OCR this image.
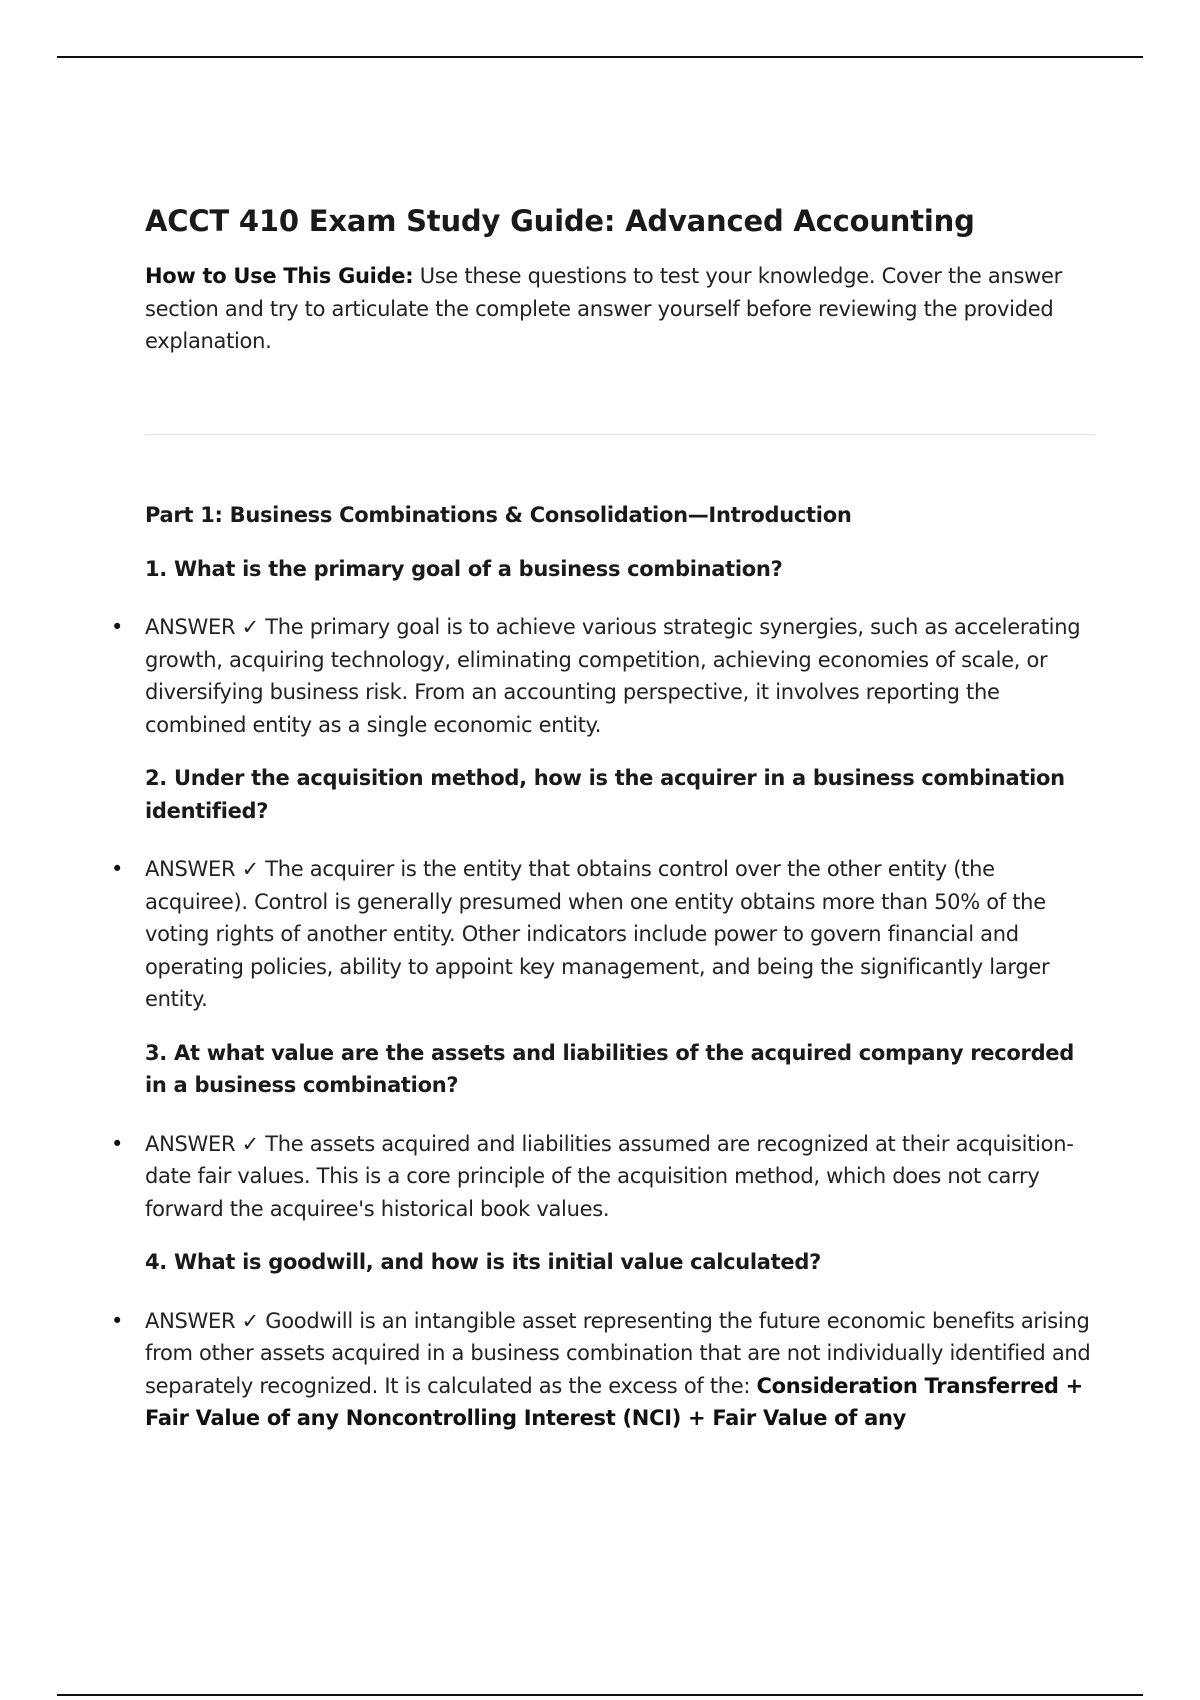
ACCT 410 Exam Study Guide: Advanced Accounting

How to Use This Guide: Use these questions to test your knowledge. Cover the answer section and try to articulate the complete answer yourself before reviewing the provided explanation.

Part 1: Business Combinations & Consolidation—Introduction

1. What is the primary goal of a business combination?

• ANSWER ✓ The primary goal is to achieve various strategic synergies, such as accelerating growth, acquiring technology, eliminating competition, achieving economies of scale, or diversifying business risk. From an accounting perspective, it involves reporting the combined entity as a single economic entity.

2. Under the acquisition method, how is the acquirer in a business combination identified?

• ANSWER ✓ The acquirer is the entity that obtains control over the other entity (the acquiree). Control is generally presumed when one entity obtains more than 50% of the voting rights of another entity. Other indicators include power to govern financial and operating policies, ability to appoint key management, and being the significantly larger entity.

3. At what value are the assets and liabilities of the acquired company recorded in a business combination?

• ANSWER ✓ The assets acquired and liabilities assumed are recognized at their acquisition-date fair values. This is a core principle of the acquisition method, which does not carry forward the acquiree's historical book values.

4. What is goodwill, and how is its initial value calculated?

• ANSWER ✓ Goodwill is an intangible asset representing the future economic benefits arising from other assets acquired in a business combination that are not individually identified and separately recognized. It is calculated as the excess of the: Consideration Transferred + Fair Value of any Noncontrolling Interest (NCI) + Fair Value of any
